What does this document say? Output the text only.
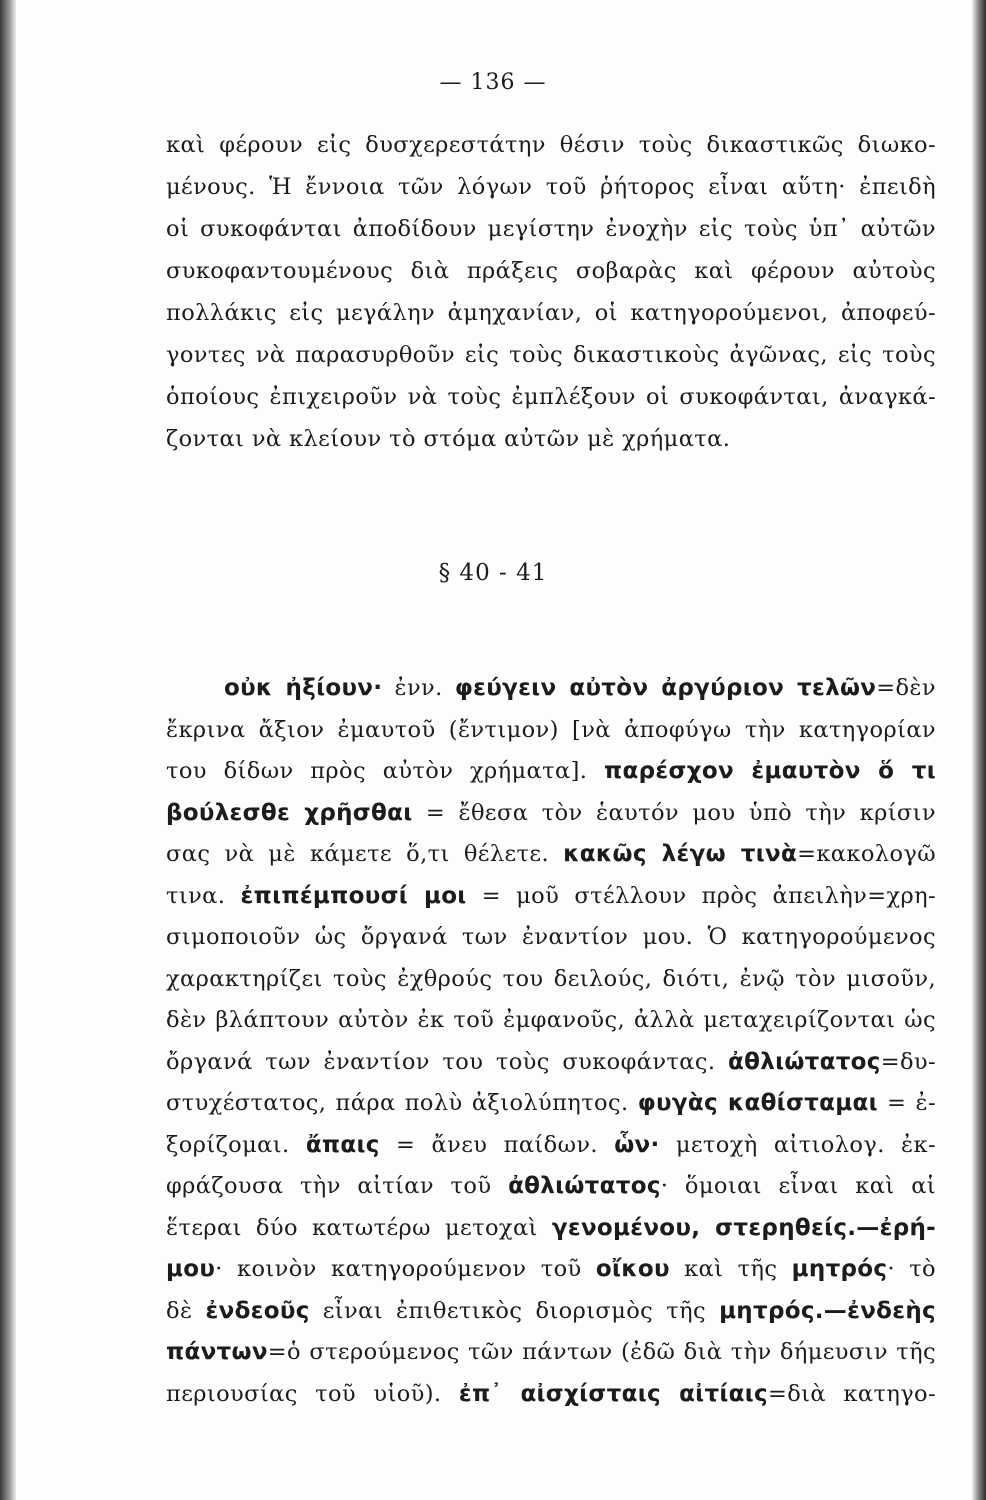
— 136 —
καὶ φέρουν εἰς δυσχερεστάτην θέσιν τοὺς δικαστικῶς διωκο-
μένους. Ἡ ἔννοια τῶν λόγων τοῦ ῥήτορος εἶναι αὕτη· ἐπειδὴ
οἱ συκοφάνται ἀποδίδουν μεγίστην ἐνοχὴν εἰς τοὺς ὑπ᾽ αὐτῶν
συκοφαντουμένους διὰ πράξεις σοβαρὰς καὶ φέρουν αὐτοὺς
πολλάκις εἰς μεγάλην ἀμηχανίαν, οἱ κατηγορούμενοι, ἀποφεύ-
γοντες νὰ παρασυρθοῦν εἰς τοὺς δικαστικοὺς ἀγῶνας, εἰς τοὺς
ὁποίους ἐπιχειροῦν νὰ τοὺς ἐμπλέξουν οἱ συκοφάνται, ἀναγκά-
ζονται νὰ κλείουν τὸ στόμα αὐτῶν μὲ χρήματα.
§ 40 - 41
οὐκ ἠξίουν· ἐνν. φεύγειν αὐτὸν ἀργύριον τελῶν=δὲν
ἔκρινα ἄξιον ἐμαυτοῦ (ἔντιμον) [νὰ ἀποφύγω τὴν κατηγορίαν
του δίδων πρὸς αὐτὸν χρήματα]. παρέσχον ἐμαυτὸν ὅ τι
βούλεσθε χρῆσθαι = ἔθεσα τὸν ἑαυτόν μου ὑπὸ τὴν κρίσιν
σας νὰ μὲ κάμετε ὅ,τι θέλετε. κακῶς λέγω τινὰ=κακολογῶ
τινα. ἐπιπέμπουσί μοι = μοῦ στέλλουν πρὸς ἀπειλὴν=χρη-
σιμοποιοῦν ὡς ὄργανά των ἐναντίον μου. Ὁ κατηγορούμενος
χαρακτηρίζει τοὺς ἐχθρούς του δειλούς, διότι, ἐνῷ τὸν μισοῦν,
δὲν βλάπτουν αὐτὸν ἐκ τοῦ ἐμφανοῦς, ἀλλὰ μεταχειρίζονται ὡς
ὄργανά των ἐναντίον του τοὺς συκοφάντας. ἀθλιώτατος=δυ-
στυχέστατος, πάρα πολὺ ἀξιολύπητος. φυγὰς καθίσταμαι = ἐ-
ξορίζομαι. ἄπαις = ἄνευ παίδων. ὧν· μετοχὴ αἰτιολογ. ἐκ-
φράζουσα τὴν αἰτίαν τοῦ ἀθλιώτατος· ὅμοιαι εἶναι καὶ αἱ
ἕτεραι δύο κατωτέρω μετοχαὶ γενομένου, στερηθείς.—ἐρή-
μου· κοινὸν κατηγορούμενον τοῦ οἴκου καὶ τῆς μητρός· τὸ
δὲ ἐνδεοῦς εἶναι ἐπιθετικὸς διορισμὸς τῆς μητρός.—ἐνδεὴς
πάντων=ὁ στερούμενος τῶν πάντων (ἐδῶ διὰ τὴν δήμευσιν τῆς
περιουσίας τοῦ υἱοῦ). ἐπ᾽ αἰσχίσταις αἰτίαις=διὰ κατηγο-
